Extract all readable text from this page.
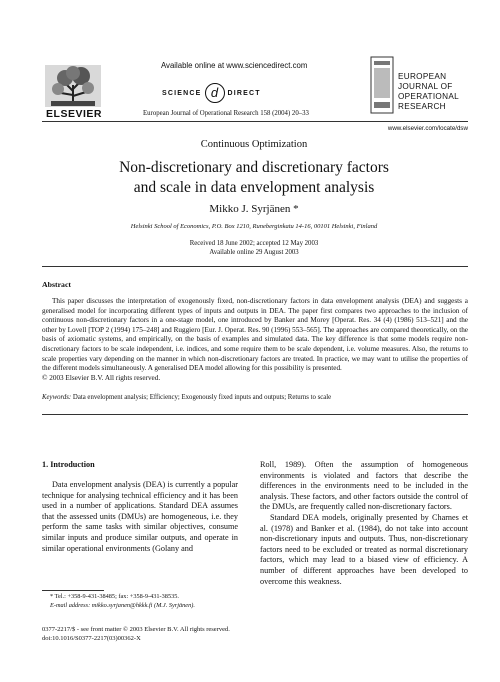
ELSEVIER
Available online at www.sciencedirect.com
SCIENCE d	DIRECT
European Journal of Operational Research 158 (2004) 20–33
EUROPEAN JOURNAL OF OPERATIONAL RESEARCH
www.elsevier.com/locate/dsw
Continuous Optimization
Non-discretionary and discretionary factors
and scale in data envelopment analysis
Mikko J. Syrjänen *
Helsinki School of Economics, P.O. Box 1210, Runeberginkatu 14-16, 00101 Helsinki, Finland
Received 18 June 2002; accepted 12 May 2003
Available online 29 August 2003
Abstract

This paper discusses the interpretation of exogenously fixed, non-discretionary factors in data envelopment analysis (DEA) and suggests a generalised model for incorporating different types of inputs and outputs in DEA. The paper first compares two approaches to the inclusion of continuous non-discretionary factors in a one-stage model, one introduced by Banker and Morey [Operat. Res. 34 (4) (1986) 513–521] and the other by Lovell [TOP 2 (1994) 175–248] and Ruggiero [Eur. J. Operat. Res. 90 (1996) 553–565]. The approaches are compared theoretically, on the basis of axiomatic systems, and empirically, on the basis of examples and simulated data. The key difference is that some models require non-discretionary factors to be scale independent, i.e. indices, and some require them to be scale dependent, i.e. volume measures. Also, the returns to scale properties vary depending on the manner in which non-discretionary factors are treated. In practice, we may want to utilise the properties of the different models simultaneously. A generalised DEA model allowing for this possibility is presented.

© 2003 Elsevier B.V. All rights reserved.
Keywords: Data envelopment analysis; Efficiency; Exogenously fixed inputs and outputs; Returns to scale
1. Introduction

Data envelopment analysis (DEA) is currently a popular technique for analysing technical efficiency and it has been used in a number of applications. Standard DEA assumes that the assessed units (DMUs) are homogeneous, i.e. they perform the same tasks with similar objectives, consume similar inputs and produce similar outputs, and operate in similar operational environments (Golany and

Roll, 1989). Often the assumption of homogeneous environments is violated and factors that describe the differences in the environments need to be included in the analysis. These factors, and other factors outside the control of the DMUs, are frequently called non-discretionary factors.

Standard DEA models, originally presented by Charnes et al. (1978) and Banker et al. (1984), do not take into account non-discretionary inputs and outputs. Thus, non-discretionary factors need to be excluded or treated as normal discretionary factors, which may lead to a biased view of efficiency. A number of different approaches have been developed to overcome this weakness.

* Tel.: +358-9-431-38485; fax: +358-9-431-38535.
E-mail address: mikko.syrjanen@hkkk.fi (M.J. Syrjänen).
0377-2217/$ - see front matter © 2003 Elsevier B.V. All rights reserved.
doi:10.1016/S0377-2217(03)00362-X
